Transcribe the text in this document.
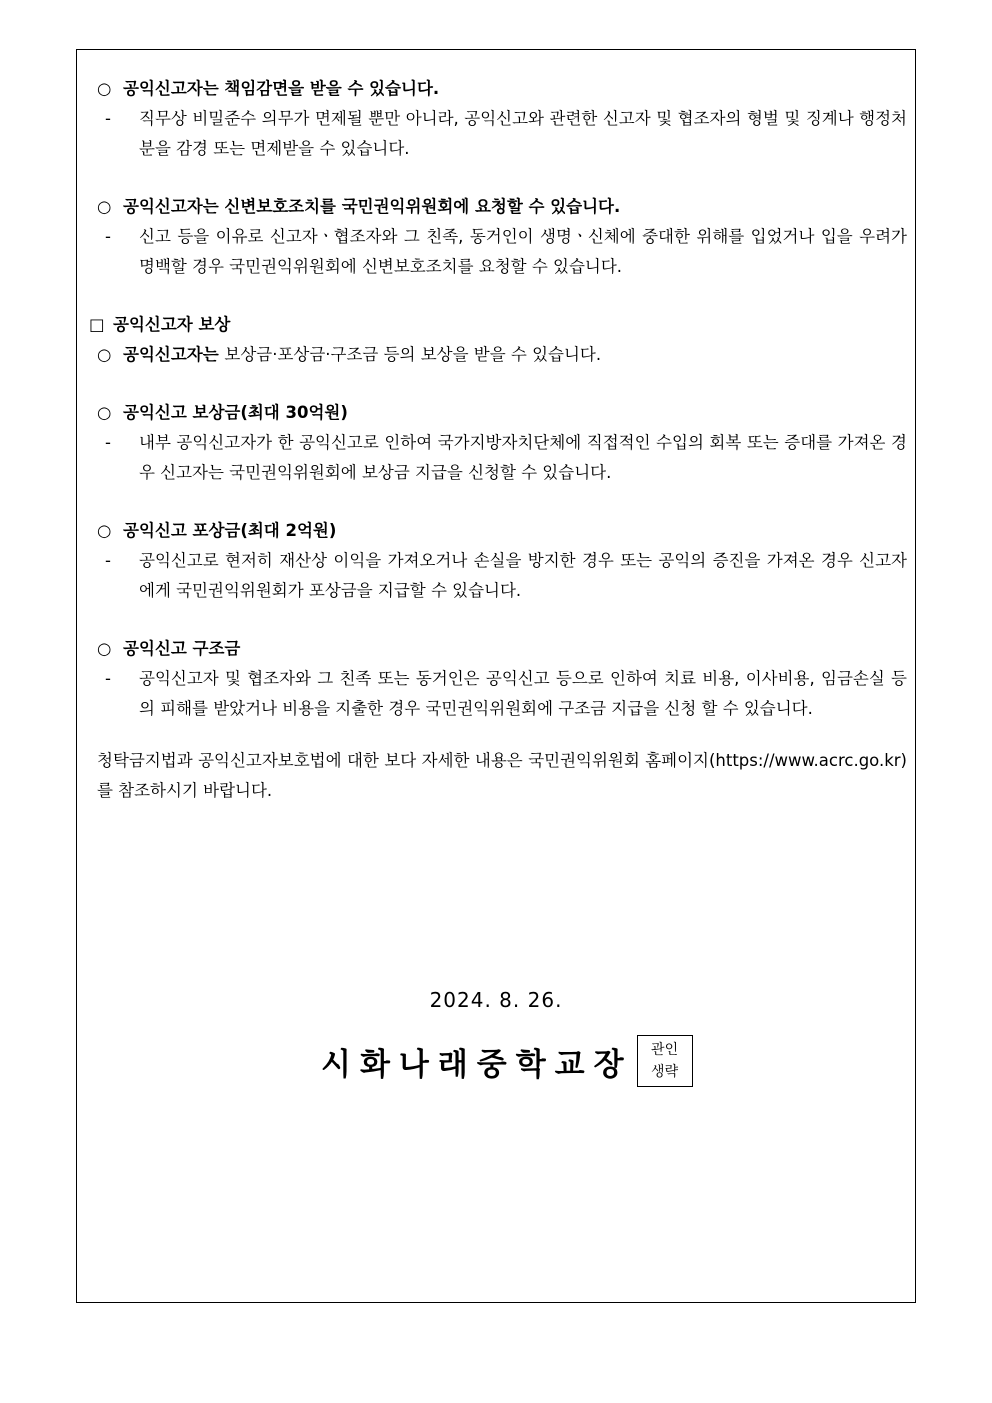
○ 공익신고자는 책임감면을 받을 수 있습니다.
- 직무상 비밀준수 의무가 면제될 뿐만 아니라, 공익신고와 관련한 신고자 및 협조자의 형벌 및 징계나 행정처분을 감경 또는 면제받을 수 있습니다.
○ 공익신고자는 신변보호조치를 국민권익위원회에 요청할 수 있습니다.
- 신고 등을 이유로 신고자ㆍ협조자와 그 친족, 동거인이 생명ㆍ신체에 중대한 위해를 입었거나 입을 우려가 명백할 경우 국민권익위원회에 신변보호조치를 요청할 수 있습니다.
□ 공익신고자 보상
○ 공익신고자는 보상금·포상금·구조금 등의 보상을 받을 수 있습니다.
○ 공익신고 보상금(최대 30억원)
- 내부 공익신고자가 한 공익신고로 인하여 국가지방자치단체에 직접적인 수입의 회복 또는 증대를 가져온 경우 신고자는 국민권익위원회에 보상금 지급을 신청할 수 있습니다.
○ 공익신고 포상금(최대 2억원)
- 공익신고로 현저히 재산상 이익을 가져오거나 손실을 방지한 경우 또는 공익의 증진을 가져온 경우 신고자에게 국민권익위원회가 포상금을 지급할 수 있습니다.
○ 공익신고 구조금
- 공익신고자 및 협조자와 그 친족 또는 동거인은 공익신고 등으로 인하여 치료 비용, 이사비용, 임금손실 등의 피해를 받았거나 비용을 지출한 경우 국민권익위원회에 구조금 지급을 신청 할 수 있습니다.
청탁금지법과 공익신고자보호법에 대한 보다 자세한 내용은 국민권익위원회 홈페이지(https://www.acrc.go.kr)를 참조하시기 바랍니다.
2024. 8. 26.
시화나래중학교장 관인
생략
